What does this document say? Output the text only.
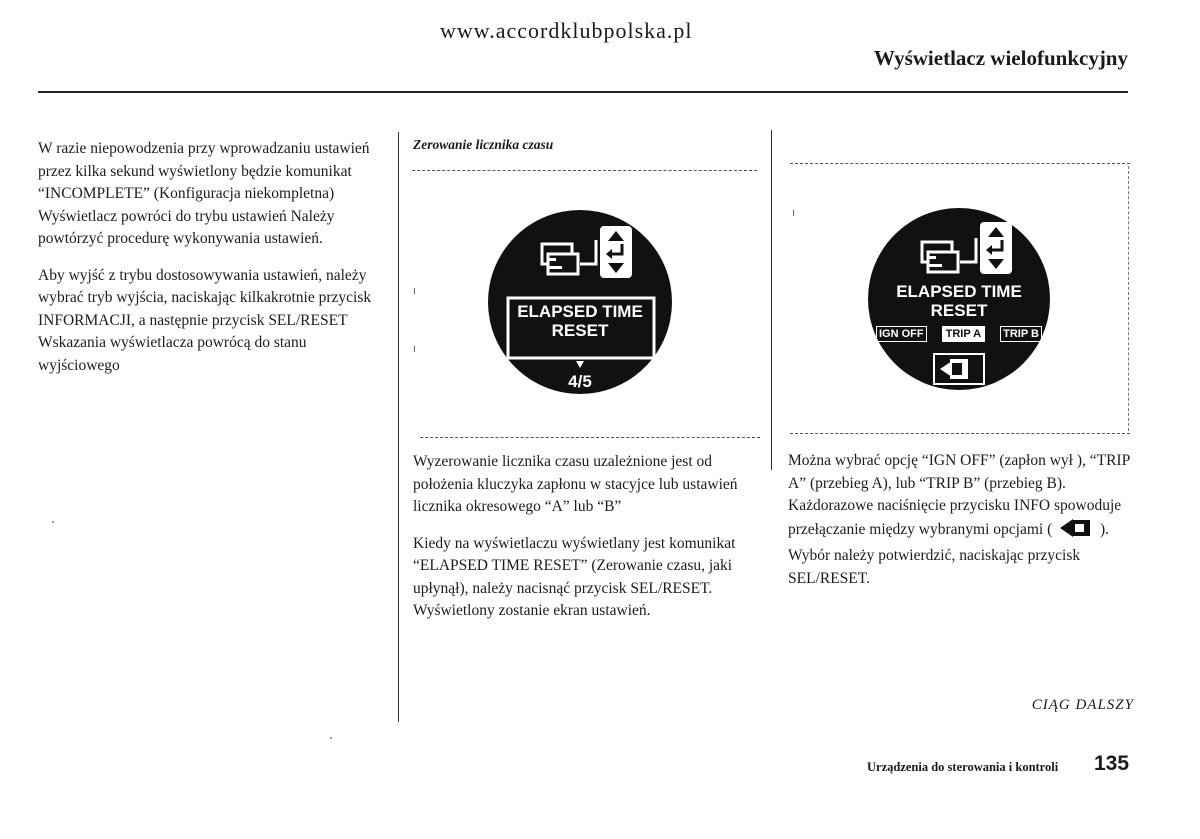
www.accordklubpolska.pl
Wyświetlacz wielofunkcyjny

W razie niepowodzenia przy wprowadzaniu ustawień przez kilka sekund wyświetlony będzie komunikat “INCOMPLETE” (Konfiguracja niekompletna) Wyświetlacz powróci do trybu ustawień Należy powtórzyć procedurę wykonywania ustawień.

Aby wyjść z trybu dostosowywania ustawień, należy wybrać tryb wyjścia, naciskając kilkakrotnie przycisk INFORMACJI, a następnie przycisk SEL/RESET Wskazania wyświetlacza powrócą do stanu wyjściowego

Zerowanie licznika czasu
ELAPSED TIME
RESET
4/5
ELAPSED TIME
RESET
IGN OFF	TRIP A	TRIP B

Wyzerowanie licznika czasu uzależnione jest od położenia kluczyka zapłonu w stacyjce lub ustawień licznika okresowego “A” lub “B”

Kiedy na wyświetlaczu wyświetlany jest komunikat “ELAPSED TIME RESET” (Zerowanie czasu, jaki upłynął), należy nacisnąć przycisk SEL/RESET. Wyświetlony zostanie ekran ustawień.

Można wybrać opcję “IGN OFF” (zapłon wył ), “TRIP A” (przebieg A), lub “TRIP B” (przebieg B). Każdorazowe naciśnięcie przycisku INFO spowoduje przełączanie między wybranymi opcjami (	). Wybór należy potwierdzić, naciskając przycisk SEL/RESET.

CIĄG DALSZY
Urządzenia do sterowania i kontroli 135
